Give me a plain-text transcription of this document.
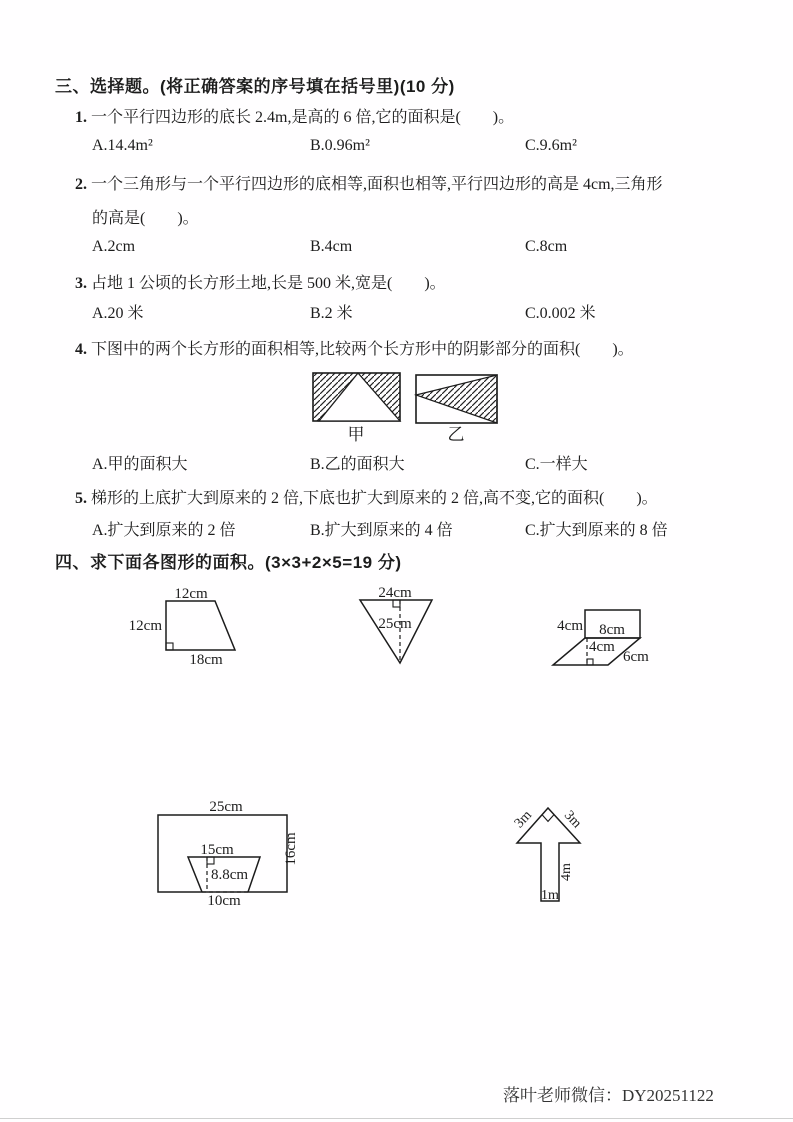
三、选择题。(将正确答案的序号填在括号里)(10 分)
1. 一个平行四边形的底长 2.4m,是高的 6 倍,它的面积是(　　)。
A.14.4m²	B.0.96m²	C.9.6m²
2. 一个三角形与一个平行四边形的底相等,面积也相等,平行四边形的高是 4cm,三角形
的高是(　　)。
A.2cm	B.4cm	C.8cm
3. 占地 1 公顷的长方形土地,长是 500 米,宽是(　　)。
A.20 米	B.2 米	C.0.002 米
4. 下图中的两个长方形的面积相等,比较两个长方形中的阴影部分的面积(　　)。
甲	乙
A.甲的面积大	B.乙的面积大	C.一样大
5. 梯形的上底扩大到原来的 2 倍,下底也扩大到原来的 2 倍,高不变,它的面积(　　)。
A.扩大到原来的 2 倍	B.扩大到原来的 4 倍	C.扩大到原来的 8 倍
四、求下面各图形的面积。(3×3+2×5=19 分)
12cm
12cm
18cm
24cm
25cm	4cm 8cm
4cm
6cm
25cm
16cm
15cm
8.8cm
10cm
3m 3m
4m
1m
落叶老师微信：DY20251122
